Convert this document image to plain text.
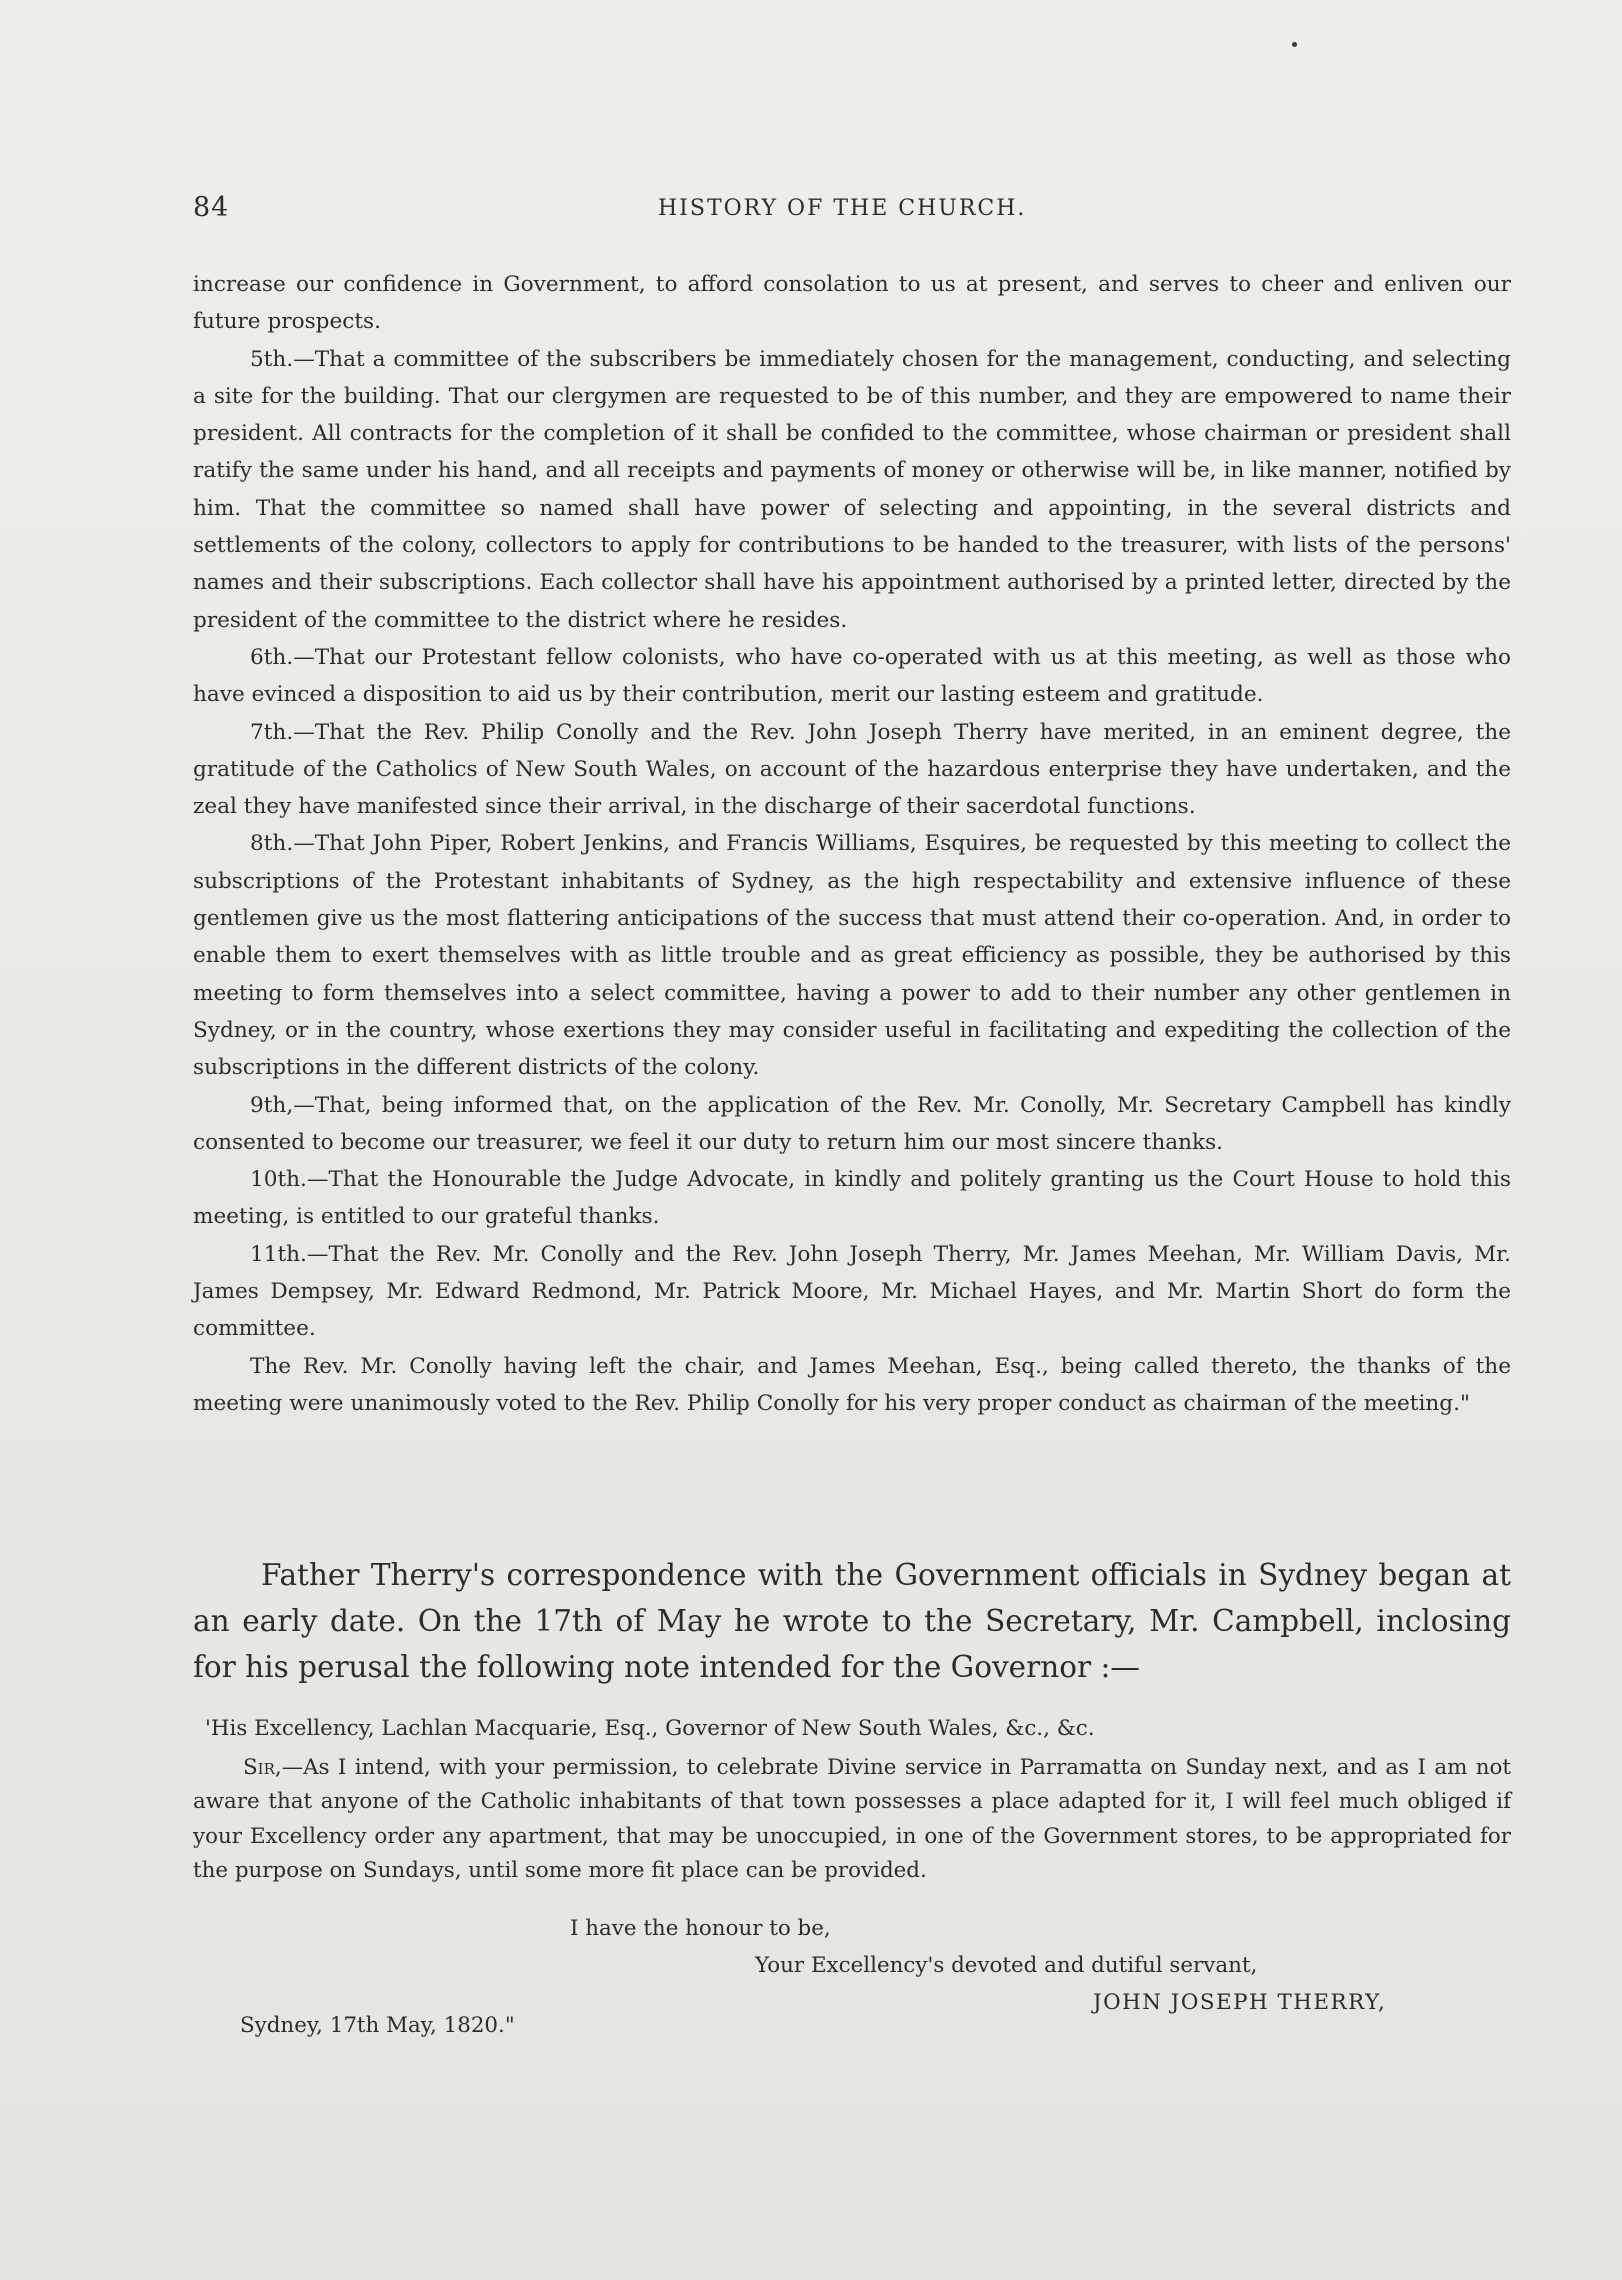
84	HISTORY OF THE CHURCH.

increase our confidence in Government, to afford consolation to us at present, and serves to cheer and enliven our future prospects.

5th.—That a committee of the subscribers be immediately chosen for the management, conducting, and selecting a site for the building. That our clergymen are requested to be of this number, and they are empowered to name their president. All contracts for the completion of it shall be confided to the committee, whose chairman or president shall ratify the same under his hand, and all receipts and payments of money or otherwise will be, in like manner, notified by him. That the committee so named shall have power of selecting and appointing, in the several districts and settlements of the colony, collectors to apply for contributions to be handed to the treasurer, with lists of the persons' names and their subscriptions. Each collector shall have his appointment authorised by a printed letter, directed by the president of the committee to the district where he resides.

6th.—That our Protestant fellow colonists, who have co-operated with us at this meeting, as well as those who have evinced a disposition to aid us by their contribution, merit our lasting esteem and gratitude.

7th.—That the Rev. Philip Conolly and the Rev. John Joseph Therry have merited, in an eminent degree, the gratitude of the Catholics of New South Wales, on account of the hazardous enterprise they have undertaken, and the zeal they have manifested since their arrival, in the discharge of their sacerdotal functions.

8th.—That John Piper, Robert Jenkins, and Francis Williams, Esquires, be requested by this meeting to collect the subscriptions of the Protestant inhabitants of Sydney, as the high respectability and extensive influence of these gentlemen give us the most flattering anticipations of the success that must attend their co-operation. And, in order to enable them to exert themselves with as little trouble and as great efficiency as possible, they be authorised by this meeting to form themselves into a select committee, having a power to add to their number any other gentlemen in Sydney, or in the country, whose exertions they may consider useful in facilitating and expediting the collection of the subscriptions in the different districts of the colony.

9th,—That, being informed that, on the application of the Rev. Mr. Conolly, Mr. Secretary Campbell has kindly consented to become our treasurer, we feel it our duty to return him our most sincere thanks.

10th.—That the Honourable the Judge Advocate, in kindly and politely granting us the Court House to hold this meeting, is entitled to our grateful thanks.

11th.—That the Rev. Mr. Conolly and the Rev. John Joseph Therry, Mr. James Meehan, Mr. William Davis, Mr. James Dempsey, Mr. Edward Redmond, Mr. Patrick Moore, Mr. Michael Hayes, and Mr. Martin Short do form the committee.

The Rev. Mr. Conolly having left the chair, and James Meehan, Esq., being called thereto, the thanks of the meeting were unanimously voted to the Rev. Philip Conolly for his very proper conduct as chairman of the meeting."

Father Therry's correspondence with the Government officials in Sydney began at an early date. On the 17th of May he wrote to the Secretary, Mr. Campbell, inclosing for his perusal the following note intended for the Governor :—

'His Excellency, Lachlan Macquarie, Esq., Governor of New South Wales, &c., &c.

Sir,—As I intend, with your permission, to celebrate Divine service in Parramatta on Sunday next, and as I am not aware that anyone of the Catholic inhabitants of that town possesses a place adapted for it, I will feel much obliged if your Excellency order any apartment, that may be unoccupied, in one of the Government stores, to be appropriated for the purpose on Sundays, until some more fit place can be provided.

I have the honour to be,
Your Excellency's devoted and dutiful servant,
JOHN JOSEPH THERRY,
Sydney, 17th May, 1820."
